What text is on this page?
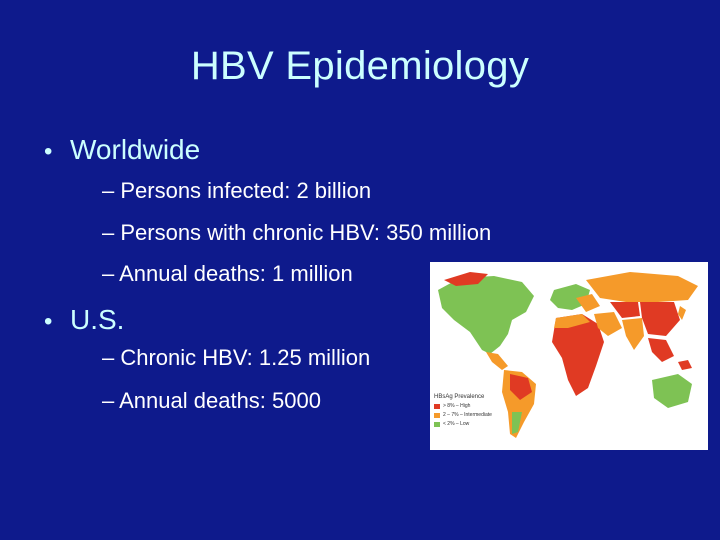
HBV Epidemiology
• Worldwide
– Persons infected: 2 billion
– Persons with chronic HBV: 350 million
– Annual deaths: 1 million
• U.S.
– Chronic HBV: 1.25 million
– Annual deaths: 5000	HBsAg Prevalence
> 8% – High
2 – 7% – Intermediate
< 2% – Low
